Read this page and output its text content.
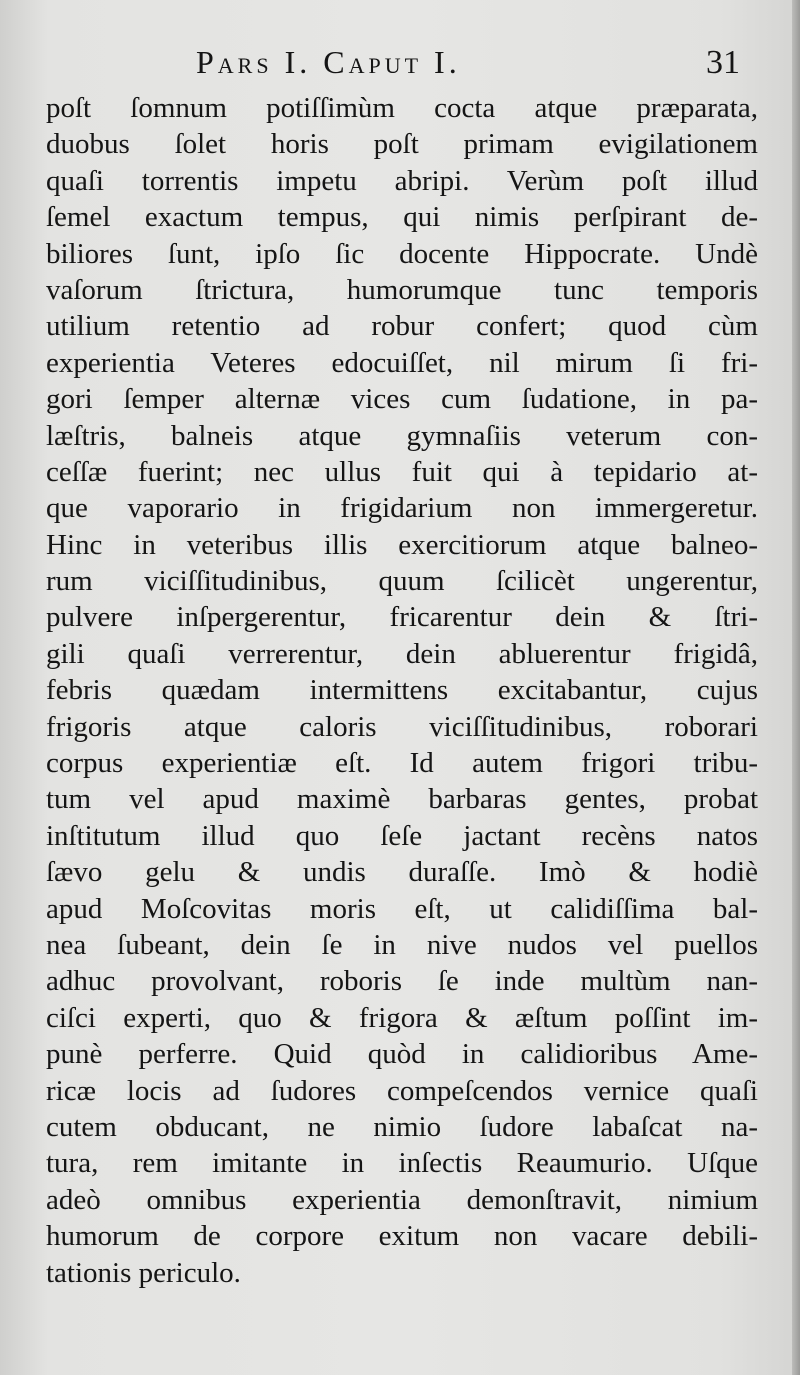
Pars I. Caput I.	31
poſt ſomnum potiſſimùm cocta atque præparata,
duobus ſolet horis poſt primam evigilationem
quaſi torrentis impetu abripi. Verùm poſt illud
ſemel exactum tempus, qui nimis perſpirant de-
biliores ſunt, ipſo ſic docente Hippocrate. Undè
vaſorum ſtrictura, humorumque tunc temporis
utilium retentio ad robur confert; quod cùm
experientia Veteres edocuiſſet, nil mirum ſi fri-
gori ſemper alternæ vices cum ſudatione, in pa-
læſtris, balneis atque gymnaſiis veterum con-
ceſſæ fuerint; nec ullus fuit qui à tepidario at-
que vaporario in frigidarium non immergeretur.
Hinc in veteribus illis exercitiorum atque balneo-
rum viciſſitudinibus, quum ſcilicèt ungerentur,
pulvere inſpergerentur, fricarentur dein & ſtri-
gili quaſi verrerentur, dein abluerentur frigidâ,
febris quædam intermittens excitabantur, cujus
frigoris atque caloris viciſſitudinibus, roborari
corpus experientiæ eſt. Id autem frigori tribu-
tum vel apud maximè barbaras gentes, probat
inſtitutum illud quo ſeſe jactant recèns natos
ſævo gelu & undis duraſſe. Imò & hodiè
apud Moſcovitas moris eſt, ut calidiſſima bal-
nea ſubeant, dein ſe in nive nudos vel puellos
adhuc provolvant, roboris ſe inde multùm nan-
ciſci experti, quo & frigora & æſtum poſſint im-
punè perferre. Quid quòd in calidioribus Ame-
ricæ locis ad ſudores compeſcendos vernice quaſi
cutem obducant, ne nimio ſudore labaſcat na-
tura, rem imitante in inſectis Reaumurio. Uſque
adeò omnibus experientia demonſtravit, nimium
humorum de corpore exitum non vacare debili-
tationis periculo.
